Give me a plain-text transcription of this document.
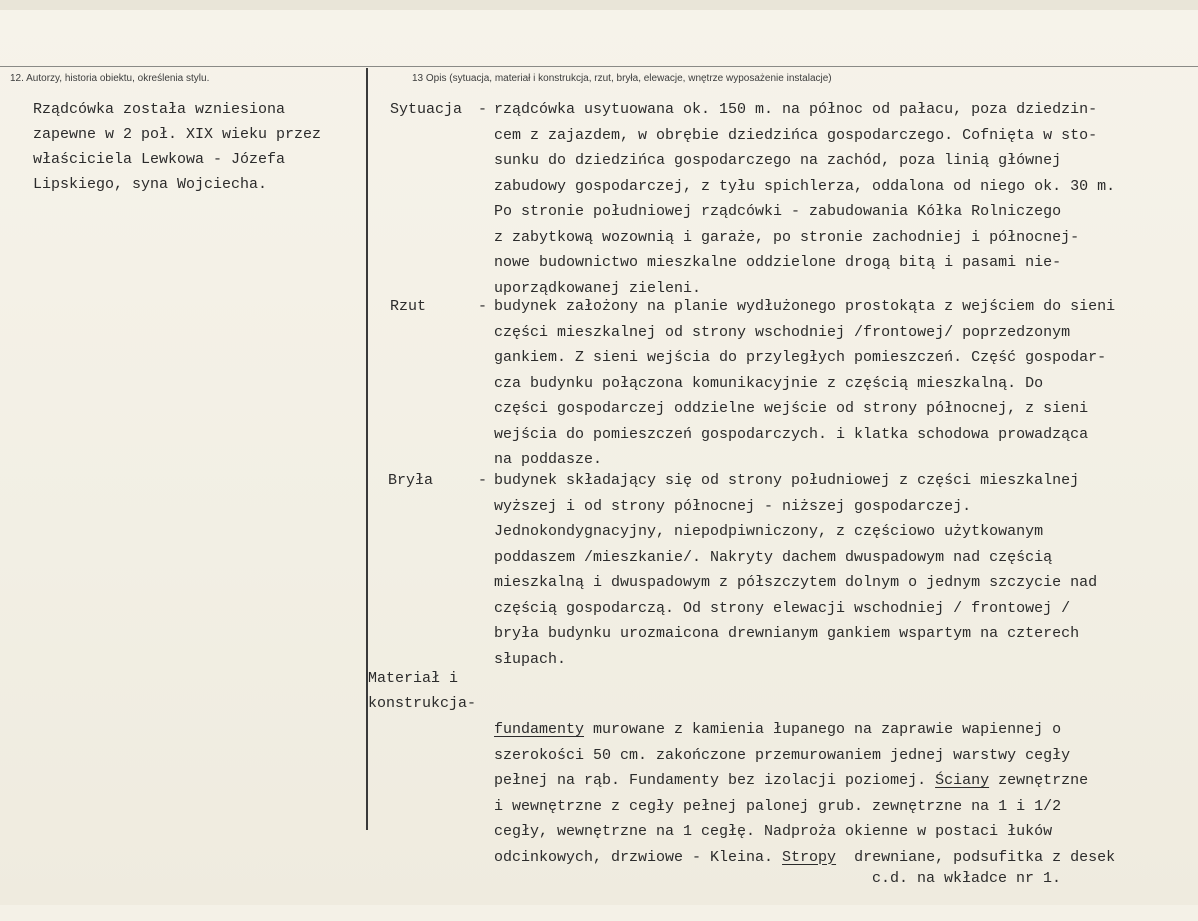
12. Autorzy, historia obiektu, określenia stylu.	13 Opis (sytuacja, materiał i konstrukcja, rzut, bryła, elewacje, wnętrze wyposażenie instalacje)
Rządcówka została wzniesiona
zapewne w 2 poł. XIX wieku przez
właściciela Lewkowa - Józefa
Lipskiego, syna Wojciecha.
Sytuacja - rządcówka usytuowana ok. 150 m. na północ od pałacu, poza dziedzin-
cem z zajazdem, w obrębie dziedzińca gospodarczego. Cofnięta w sto-
sunku do dziedzińca gospodarczego na zachód, poza linią głównej
zabudowy gospodarczej, z tyłu spichlerza, oddalona od niego ok. 30 m.
Po stronie południowej rządcówki - zabudowania Kółka Rolniczego
z zabytkową wozownią i garaże, po stronie zachodniej i północnej-
nowe budownictwo mieszkalne oddzielone drogą bitą i pasami nie-
uporządkowanej zieleni.
Rzut	- budynek założony na planie wydłużonego prostokąta z wejściem do sieni
części mieszkalnej od strony wschodniej /frontowej/ poprzedzonym
gankiem. Z sieni wejścia do przyległych pomieszczeń. Część gospodar-
cza budynku połączona komunikacyjnie z częścią mieszkalną. Do
części gospodarczej oddzielne wejście od strony północnej, z sieni
wejścia do pomieszczeń gospodarczych. i klatka schodowa prowadząca
na poddasze.
Bryła	- budynek składający się od strony południowej z części mieszkalnej
wyższej i od strony północnej - niższej gospodarczej.
Jednokondygnacyjny, niepodpiwniczony, z częściowo użytkowanym
poddaszem /mieszkanie/. Nakryty dachem dwuspadowym nad częścią
mieszkalną i dwuspadowym z półszczytem dolnym o jednym szczycie nad
częścią gospodarczą. Od strony elewacji wschodniej / frontowej /
bryła budynku urozmaicona drewnianym gankiem wspartym na czterech
słupach.
Materiał i
konstrukcja-

fundamenty murowane z kamienia łupanego na zaprawie wapiennej o
szerokości 50 cm. zakończone przemurowaniem jednej warstwy cegły
pełnej na rąb. Fundamenty bez izolacji poziomej. Ściany zewnętrzne
i wewnętrzne z cegły pełnej palonej grub. zewnętrzne na 1 i 1/2
cegły, wewnętrzne na 1 cegłę. Nadproża okienne w postaci łuków
odcinkowych, drzwiowe - Kleina. Stropy  drewniane, podsufitka z desek

c.d. na wkładce nr 1.
